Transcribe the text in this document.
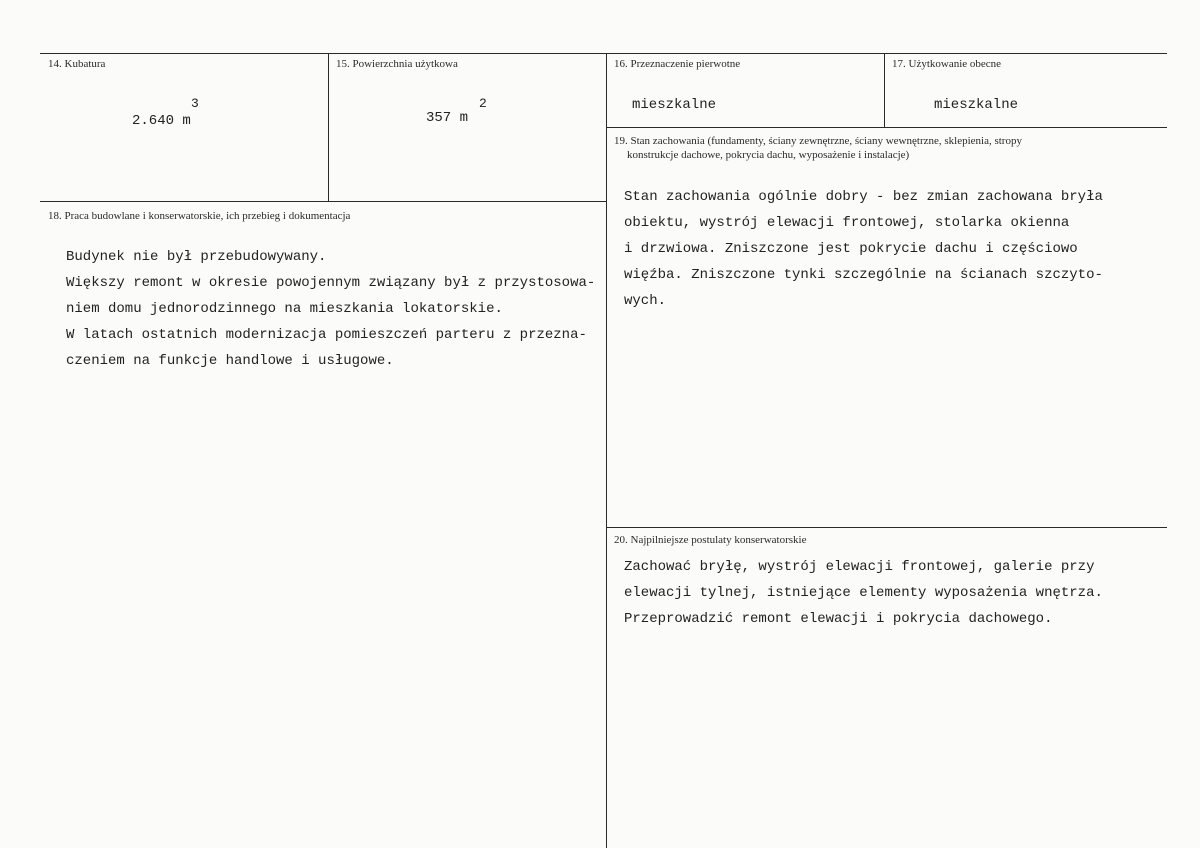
14. Kubatura
2.640 m
3
15. Powierzchnia użytkowa
357 m
2
16. Przeznaczenie pierwotne
mieszkalne
17. Użytkowanie obecne
mieszkalne
18. Praca budowlane i konserwatorskie, ich przebieg i dokumentacja
Budynek nie był przebudowywany.
Większy remont w okresie powojennym związany był z przystosowa-
niem domu jednorodzinnego na mieszkania lokatorskie.
W latach ostatnich modernizacja pomieszczeń parteru z przezna-
czeniem na funkcje handlowe i usługowe.
19. Stan zachowania (fundamenty, ściany zewnętrzne, ściany wewnętrzne, sklepienia, stropy
konstrukcje dachowe, pokrycia dachu, wyposażenie i instalacje)
Stan zachowania ogólnie dobry - bez zmian zachowana bryła
obiektu, wystrój elewacji frontowej, stolarka okienna
i drzwiowa. Zniszczone jest pokrycie dachu i częściowo
więźba. Zniszczone tynki szczególnie na ścianach szczyto-
wych.
20. Najpilniejsze postulaty konserwatorskie
Zachować bryłę, wystrój elewacji frontowej, galerie przy
elewacji tylnej, istniejące elementy wyposażenia wnętrza.
Przeprowadzić remont elewacji i pokrycia dachowego.
